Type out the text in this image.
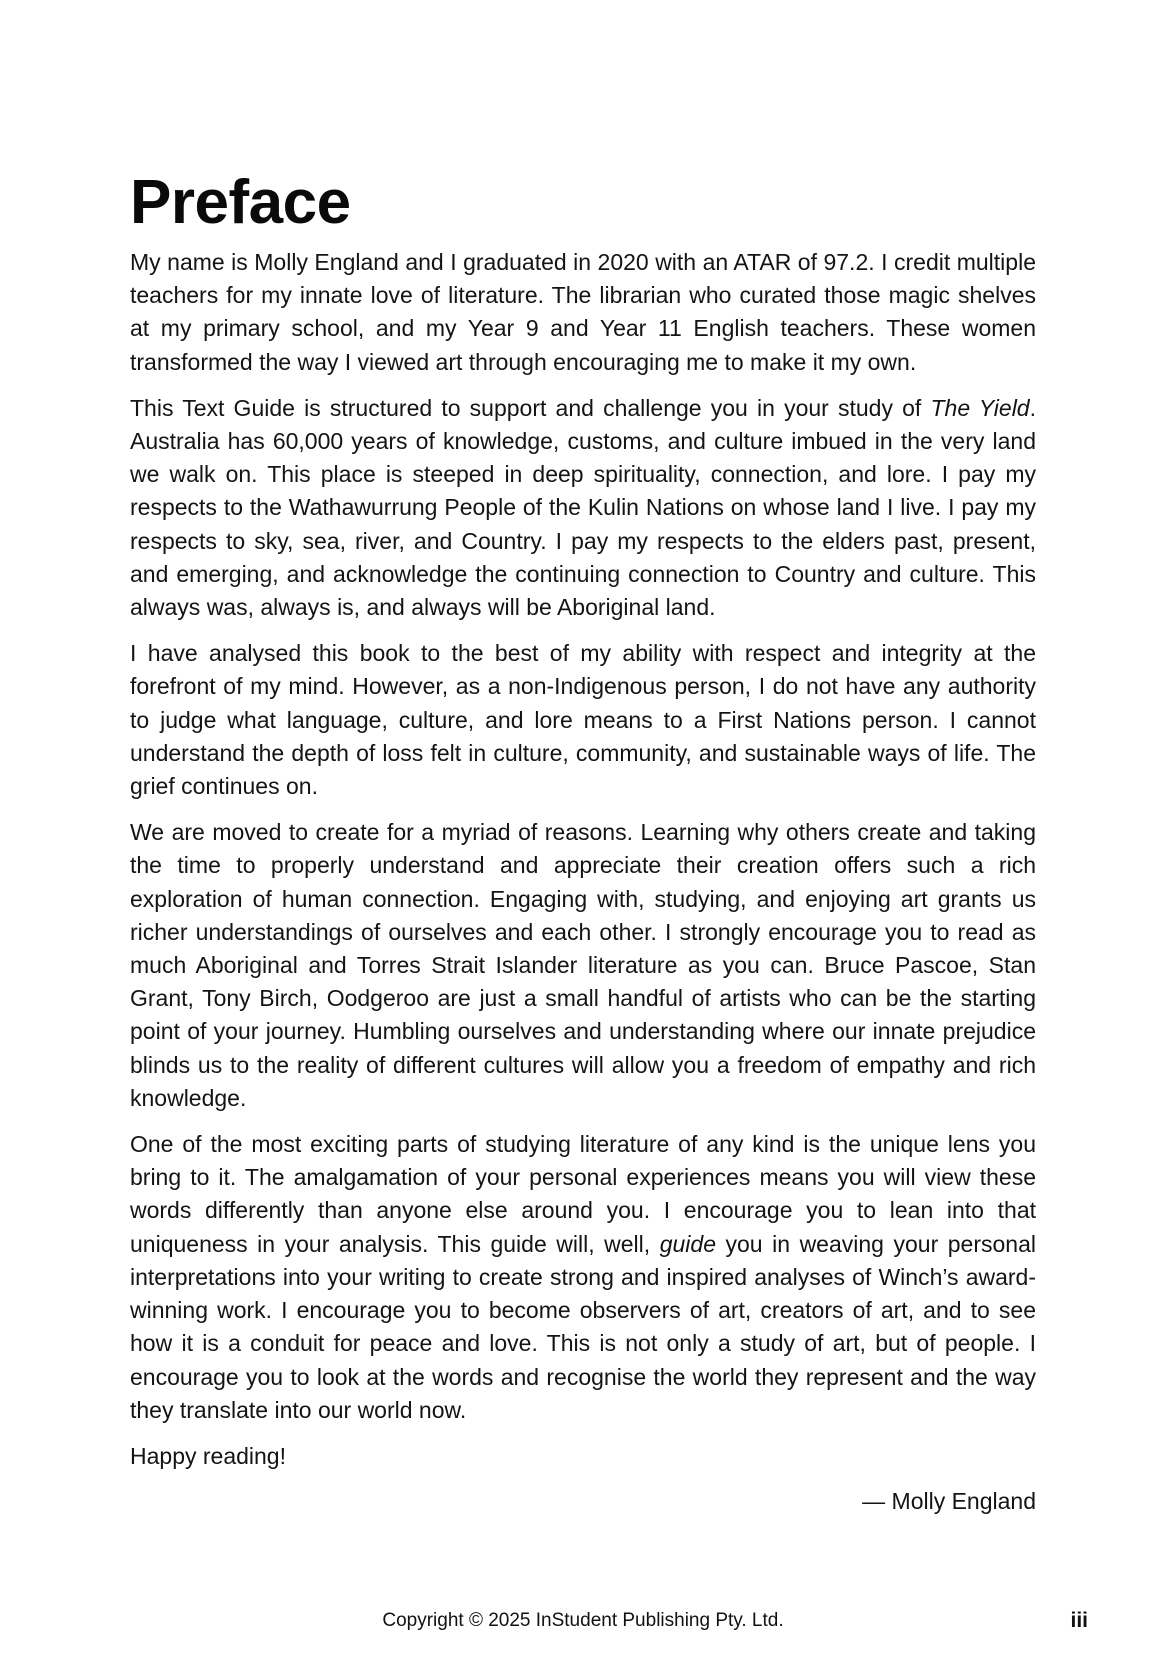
Preface

My name is Molly England and I graduated in 2020 with an ATAR of 97.2. I credit multiple teachers for my innate love of literature. The librarian who curated those magic shelves at my primary school, and my Year 9 and Year 11 English teachers. These women transformed the way I viewed art through encouraging me to make it my own.

This Text Guide is structured to support and challenge you in your study of The Yield. Australia has 60,000 years of knowledge, customs, and culture imbued in the very land we walk on. This place is steeped in deep spirituality, connection, and lore. I pay my respects to the Wathawurrung People of the Kulin Nations on whose land I live. I pay my respects to sky, sea, river, and Country. I pay my respects to the elders past, present, and emerging, and acknowledge the continuing connection to Country and culture. This always was, always is, and always will be Aboriginal land.

I have analysed this book to the best of my ability with respect and integrity at the forefront of my mind. However, as a non-Indigenous person, I do not have any authority to judge what language, culture, and lore means to a First Nations person. I cannot understand the depth of loss felt in culture, community, and sustainable ways of life. The grief continues on.

We are moved to create for a myriad of reasons. Learning why others create and taking the time to properly understand and appreciate their creation offers such a rich exploration of human connection. Engaging with, studying, and enjoying art grants us richer understandings of ourselves and each other. I strongly encourage you to read as much Aboriginal and Torres Strait Islander literature as you can. Bruce Pascoe, Stan Grant, Tony Birch, Oodgeroo are just a small handful of artists who can be the starting point of your journey. Humbling ourselves and understanding where our innate prejudice blinds us to the reality of different cultures will allow you a freedom of empathy and rich knowledge.

One of the most exciting parts of studying literature of any kind is the unique lens you bring to it. The amalgamation of your personal experiences means you will view these words differently than anyone else around you. I encourage you to lean into that uniqueness in your analysis. This guide will, well, guide you in weaving your personal interpretations into your writing to create strong and inspired analyses of Winch’s award-winning work. I encourage you to become observers of art, creators of art, and to see how it is a conduit for peace and love. This is not only a study of art, but of people. I encourage you to look at the words and recognise the world they represent and the way they translate into our world now.

Happy reading!

— Molly England

Copyright © 2025 InStudent Publishing Pty. Ltd.	iii
